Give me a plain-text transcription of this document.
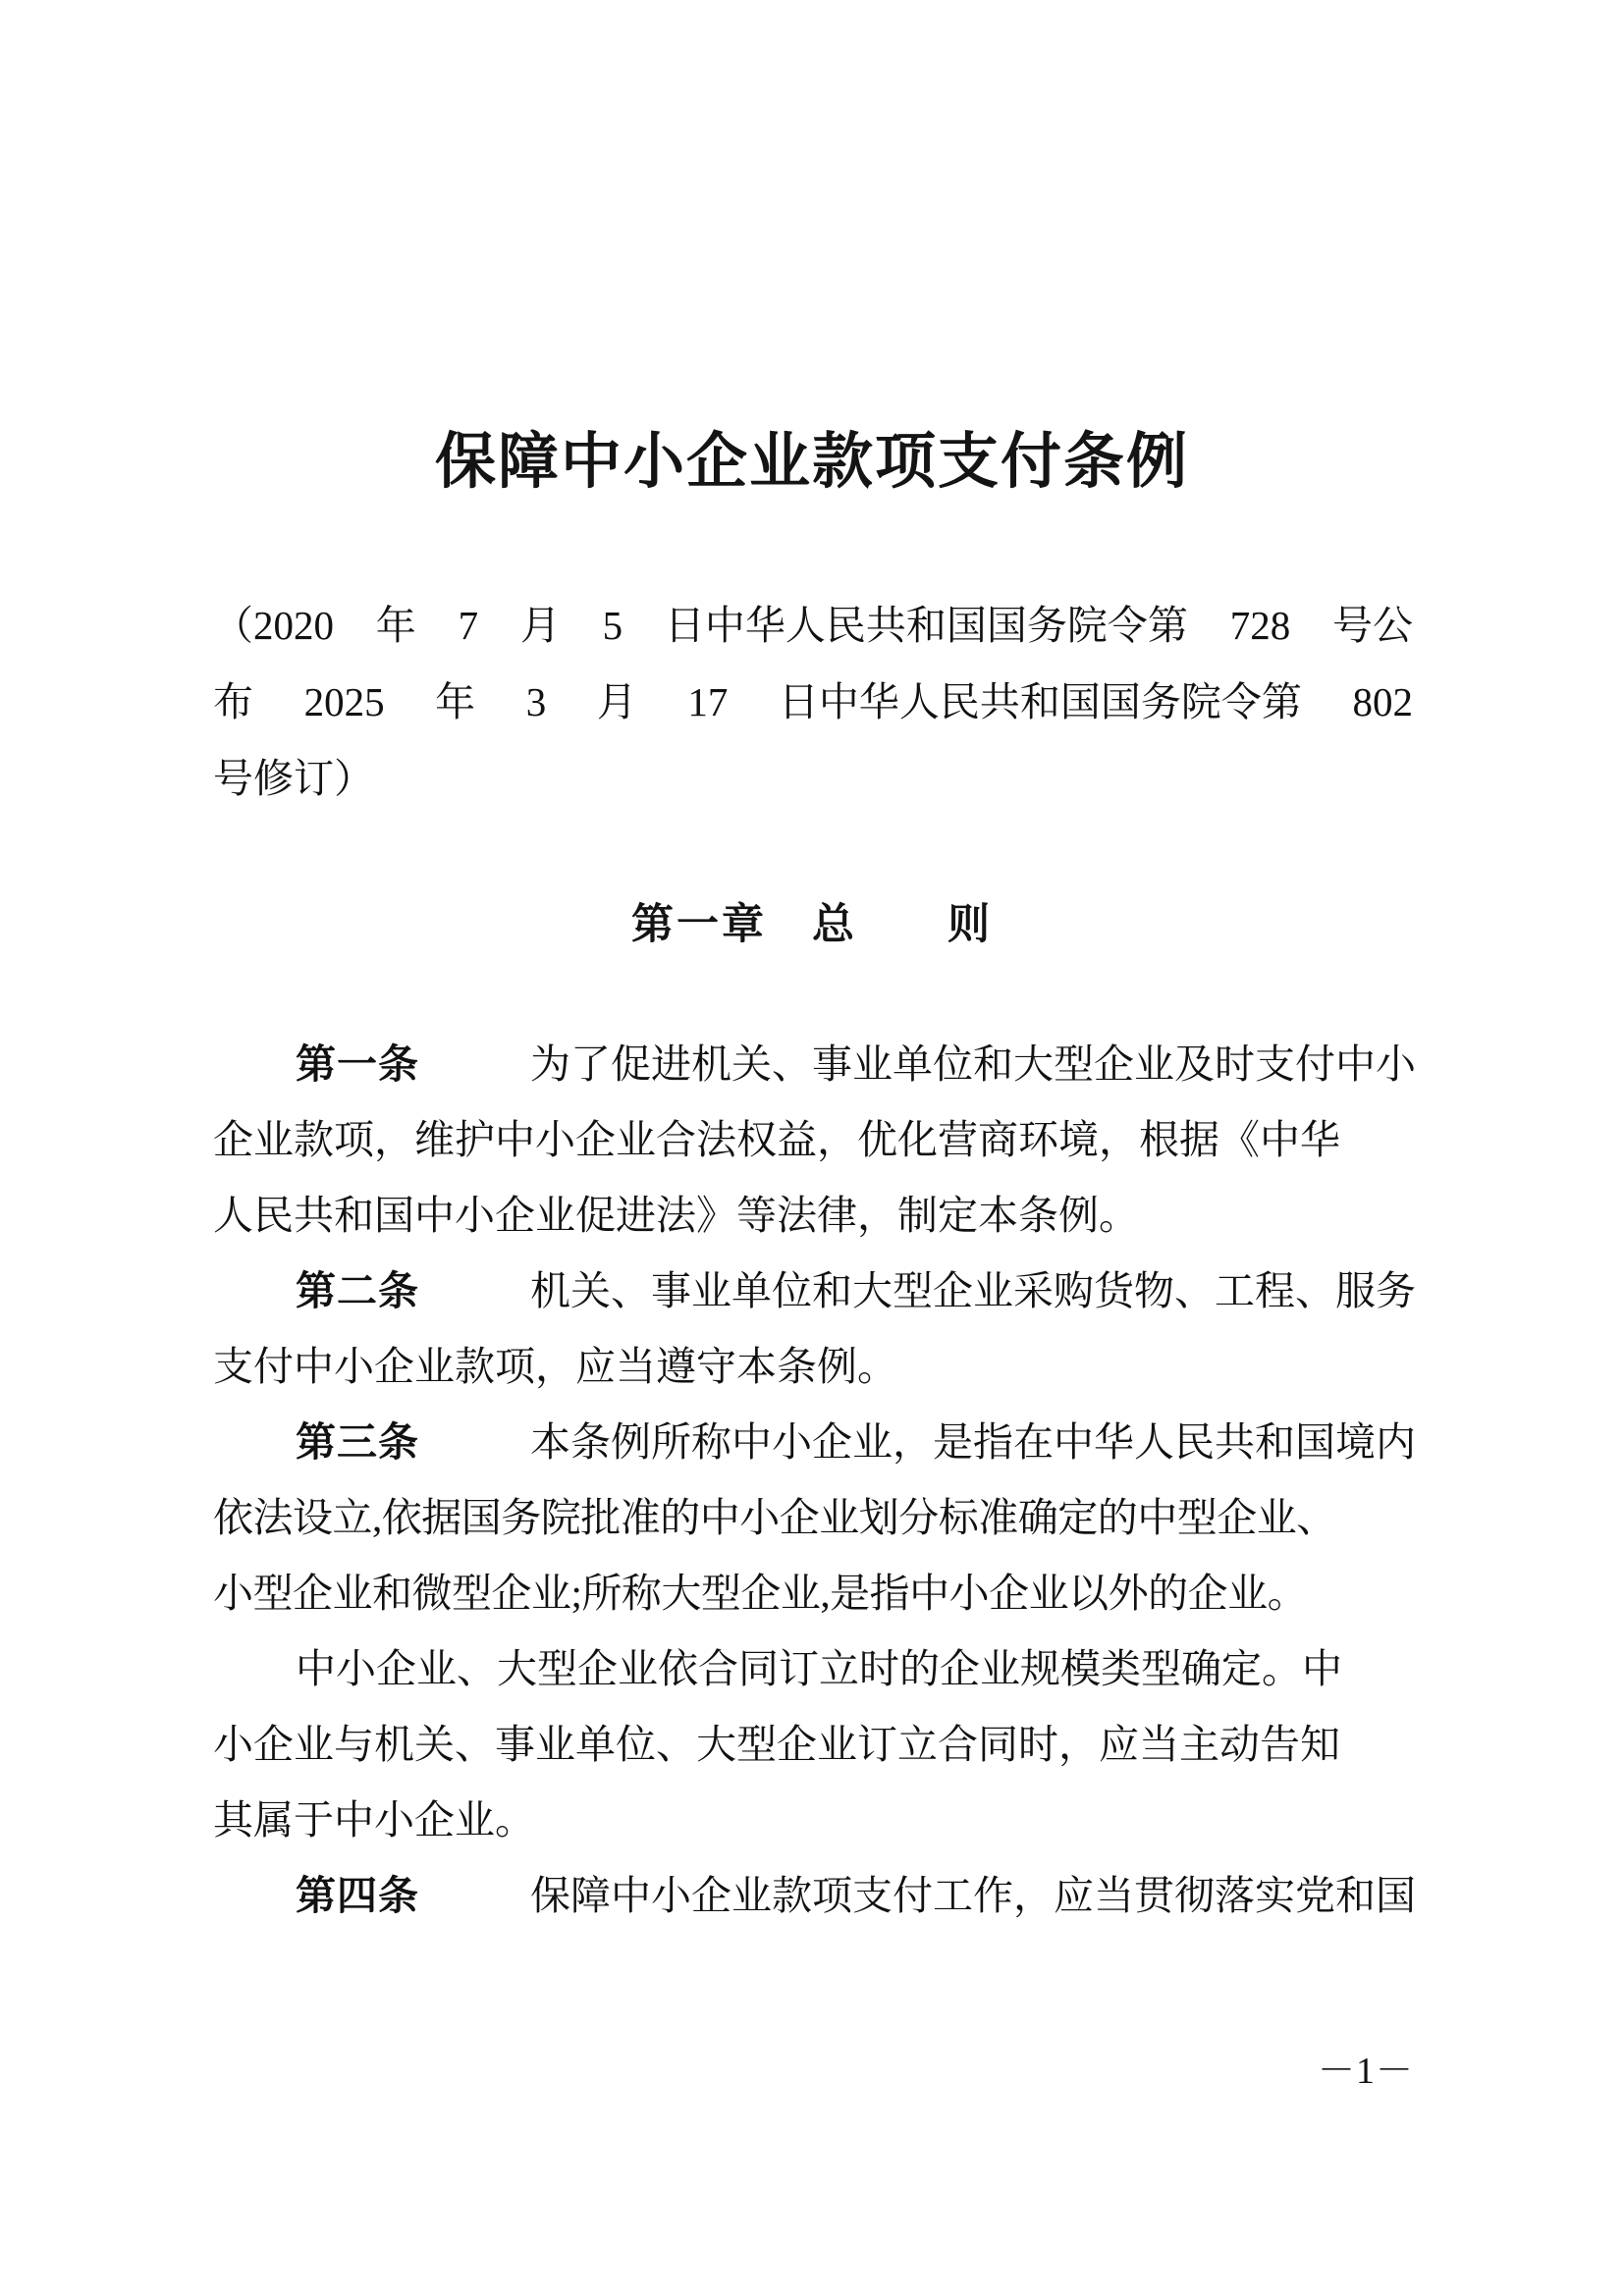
保障中小企业款项支付条例
（2020 年 7 月 5 日中华人民共和国国务院令第 728 号公
布 2025 年 3 月 17 日中华人民共和国国务院令第 802
号修订）
第一章　总　　则
第一条	为了促进机关、事业单位和大型企业及时支付中小
企业款项，维护中小企业合法权益，优化营商环境，根据《中华
人民共和国中小企业促进法》等法律，制定本条例。
第二条	机关、事业单位和大型企业采购货物、工程、服务
支付中小企业款项，应当遵守本条例。
第三条	本条例所称中小企业，是指在中华人民共和国境内
依法设立,依据国务院批准的中小企业划分标准确定的中型企业、
小型企业和微型企业;所称大型企业,是指中小企业以外的企业。
中小企业、大型企业依合同订立时的企业规模类型确定。中
小企业与机关、事业单位、大型企业订立合同时，应当主动告知
其属于中小企业。
第四条	保障中小企业款项支付工作，应当贯彻落实党和国
－1－
